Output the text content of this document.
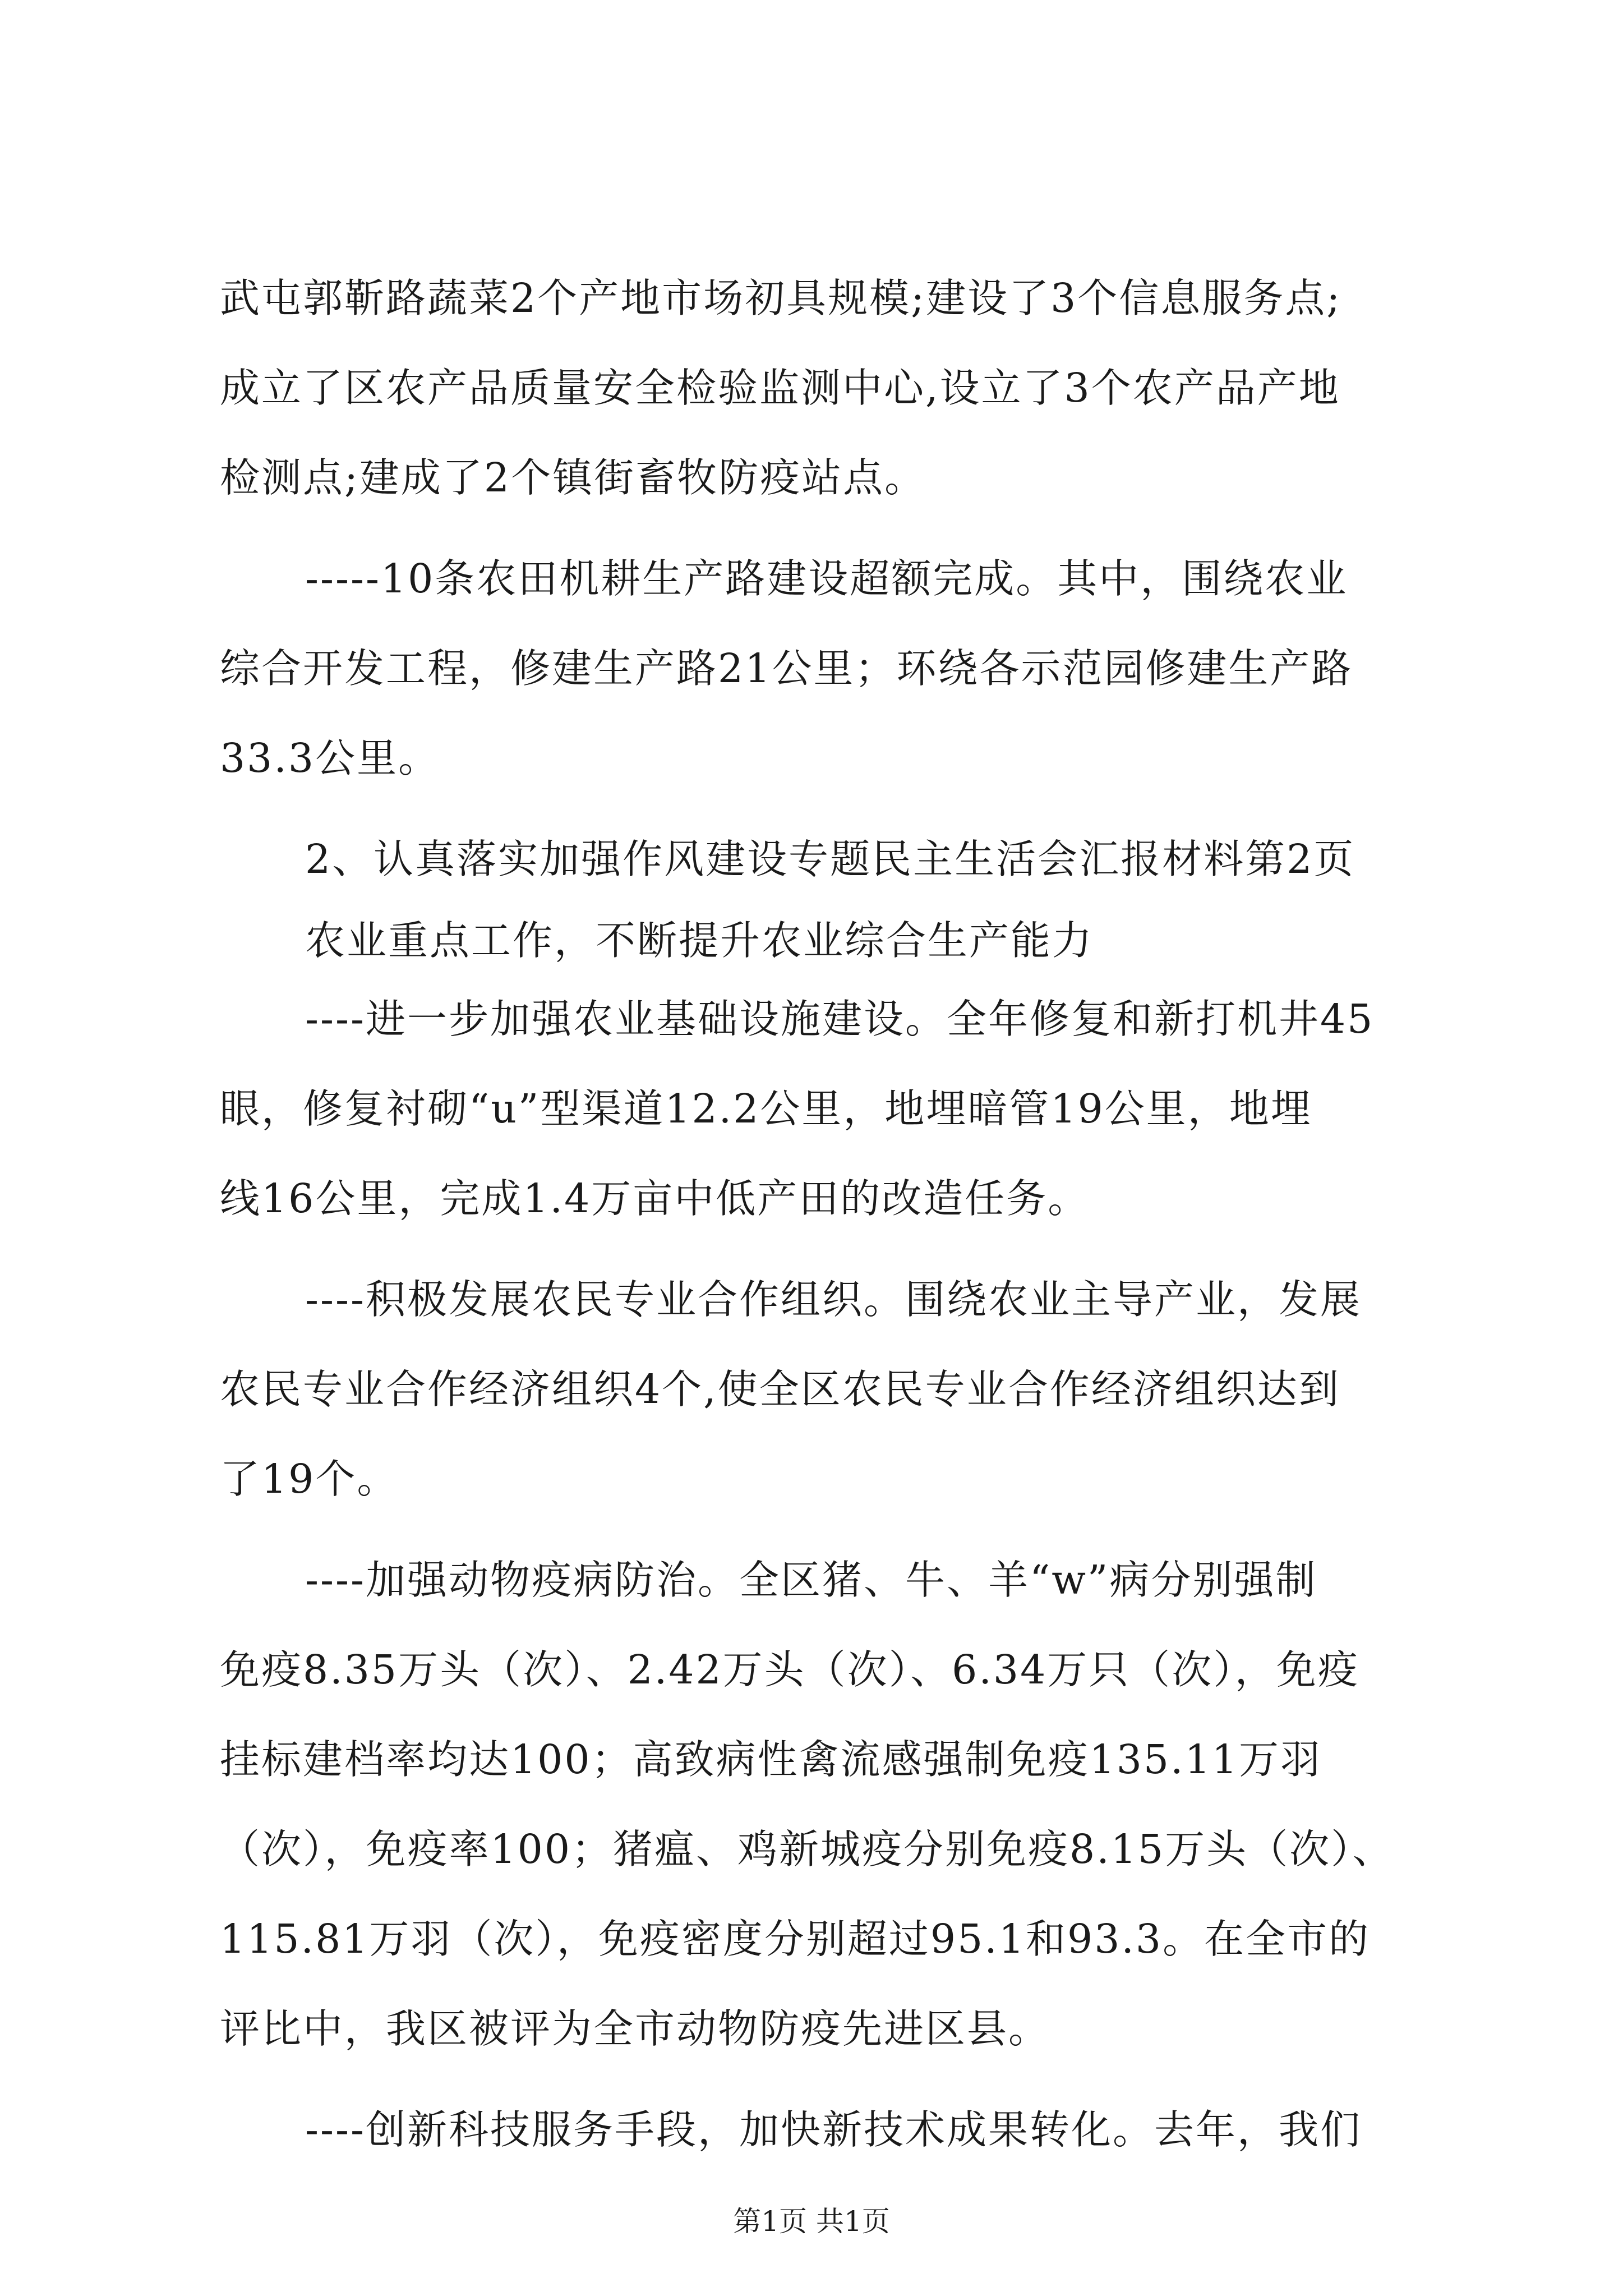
武屯郭靳路蔬菜2个产地市场初具规模;建设了3个信息服务点;
成立了区农产品质量安全检验监测中心,设立了3个农产品产地
检测点;建成了2个镇街畜牧防疫站点。
-----10条农田机耕生产路建设超额完成。其中，围绕农业
综合开发工程，修建生产路21公里；环绕各示范园修建生产路
33.3公里。
2、认真落实加强作风建设专题民主生活会汇报材料第2页
农业重点工作，不断提升农业综合生产能力
----进一步加强农业基础设施建设。全年修复和新打机井45
眼，修复衬砌“u”型渠道12.2公里，地埋暗管19公里，地埋
线16公里，完成1.4万亩中低产田的改造任务。
----积极发展农民专业合作组织。围绕农业主导产业，发展
农民专业合作经济组织4个,使全区农民专业合作经济组织达到
了19个。
----加强动物疫病防治。全区猪、牛、羊“w”病分别强制
免疫8.35万头（次）、2.42万头（次）、6.34万只（次），免疫
挂标建档率均达100；高致病性禽流感强制免疫135.11万羽
（次），免疫率100；猪瘟、鸡新城疫分别免疫8.15万头（次）、
115.81万羽（次），免疫密度分别超过95.1和93.3。在全市的
评比中，我区被评为全市动物防疫先进区县。
----创新科技服务手段，加快新技术成果转化。去年，我们
第1页 共1页
